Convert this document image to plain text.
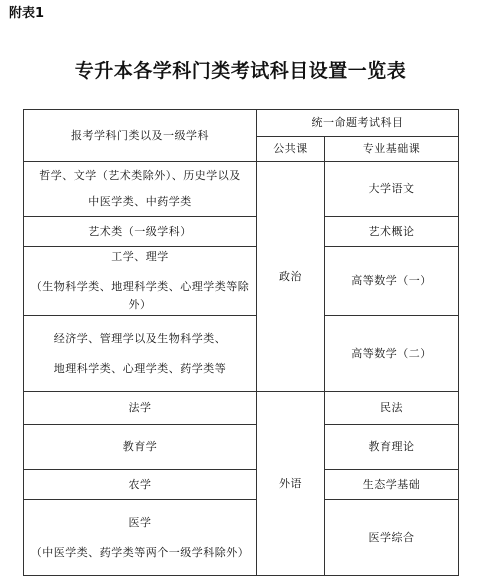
附表1
专升本各学科门类考试科目设置一览表
报考学科门类以及一级学科	统一命题考试科目	
	公共课	专业基础课

哲学、文学（艺术类除外）、历史学以及
中医学类、中药学类	政治	大学语文

艺术类（一级学科）		艺术概论

工学、理学
（生物科学类、地理科学类、心理学类等除外）		高等数学（一）

经济学、管理学以及生物科学类、
地理科学类、心理学类、药学类等		高等数学（二）

法学	外语	民法

教育学		教育理论

农学		生态学基础

医学
（中医学类、药学类等两个一级学科除外）		医学综合
